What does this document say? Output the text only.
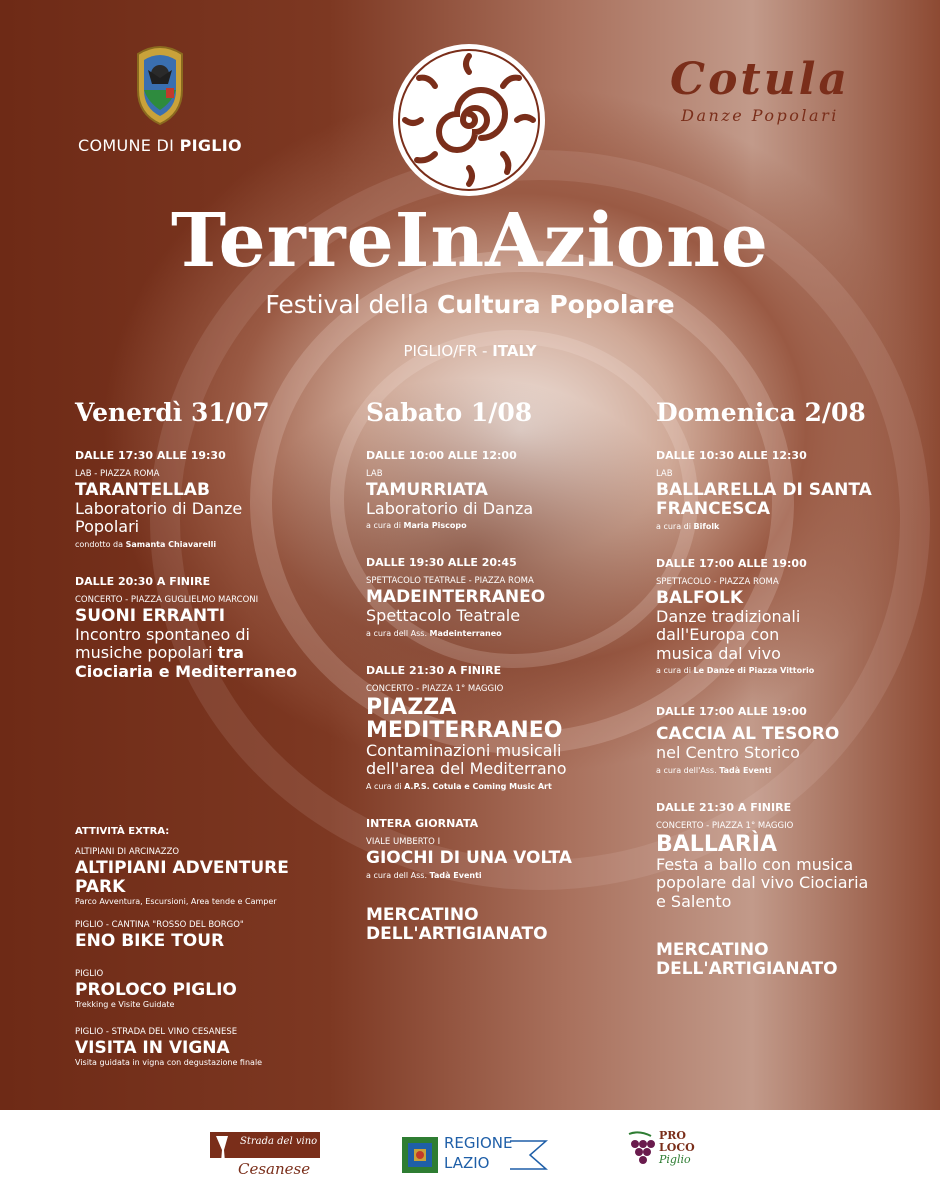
COMUNE DI PIGLIO
Cotula
Danze Popolari
TerreInAzione
Festival della Cultura Popolare
PIGLIO/FR - ITALY
Venerdì 31/07
DALLE 17:30 ALLE 19:30
LAB - PIAZZA ROMA
TARANTELLAB
Laboratorio di Danze Popolari
condotto da Samanta Chiavarelli
DALLE 20:30 A FINIRE
CONCERTO - PIAZZA GUGLIELMO MARCONI
SUONI ERRANTI
Incontro spontaneo di musiche popolari tra Ciociaria e Mediterraneo
ATTIVITÀ EXTRA:
ALTIPIANI DI ARCINAZZO
ALTIPIANI ADVENTURE PARK
Parco Avventura, Escursioni, Area tende e Camper
PIGLIO - CANTINA "ROSSO DEL BORGO"
ENO BIKE TOUR
PIGLIO
PROLOCO PIGLIO
Trekking e Visite Guidate
PIGLIO - STRADA DEL VINO CESANESE
VISITA IN VIGNA
Visita guidata in vigna con degustazione finale
Sabato 1/08
DALLE 10:00 ALLE 12:00
LAB
TAMURRIATA
Laboratorio di Danza
a cura di Maria Piscopo
DALLE 19:30 ALLE 20:45
SPETTACOLO TEATRALE - PIAZZA ROMA
MADEINTERRANEO
Spettacolo Teatrale
a cura dell Ass. Madeinterraneo
DALLE 21:30 A FINIRE
CONCERTO - PIAZZA 1° MAGGIO
PIAZZA MEDITERRANEO
Contaminazioni musicali dell'area del Mediterrano
A cura di A.P.S. Cotula e Coming Music Art
INTERA GIORNATA
VIALE UMBERTO I
GIOCHI DI UNA VOLTA
a cura dell Ass. Tadà Eventi
MERCATINO DELL'ARTIGIANATO
Domenica 2/08
DALLE 10:30 ALLE 12:30
LAB
BALLARELLA DI SANTA FRANCESCA
a cura di Bifolk
DALLE 17:00 ALLE 19:00
SPETTACOLO - PIAZZA ROMA
BALFOLK
Danze tradizionali dall'Europa con musica dal vivo
a cura di Le Danze di Piazza Vittorio
DALLE 17:00 ALLE 19:00
CACCIA AL TESORO
nel Centro Storico
a cura dell'Ass. Tadà Eventi
DALLE 21:30 A FINIRE
CONCERTO - PIAZZA 1° MAGGIO
BALLARÌA
Festa a ballo con musica popolare dal vivo Ciociaria e Salento
MERCATINO DELL'ARTIGIANATO
Strada del vino
Cesanese
REGIONE
LAZIO
PRO
LOCO
Piglio
